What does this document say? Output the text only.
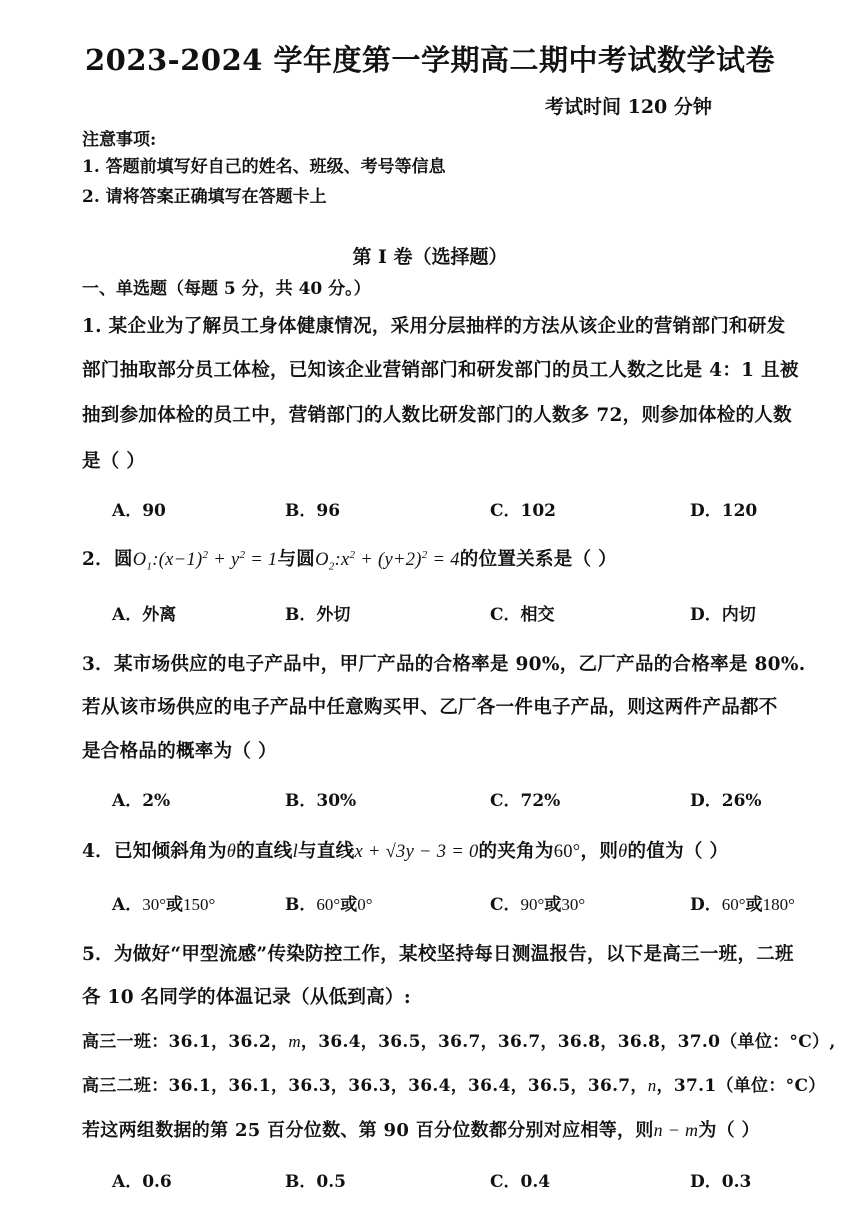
2023-2024 学年度第一学期高二期中考试数学试卷
考试时间 120 分钟
注意事项:
1. 答题前填写好自己的姓名、班级、考号等信息
2. 请将答案正确填写在答题卡上
第 I 卷（选择题）
一、单选题（每题 5 分，共 40 分。）
1. 某企业为了解员工身体健康情况，采用分层抽样的方法从该企业的营销部门和研发
部门抽取部分员工体检，已知该企业营销部门和研发部门的员工人数之比是 4：1 且被
抽到参加体检的员工中，营销部门的人数比研发部门的人数多 72，则参加体检的人数
是（ ）
A．90	B．96	C．102	D．120
2．圆$O_1:(x-1)^2 + y^2 = 1$与圆$O_2:x^2 + (y+2)^2 = 4$的位置关系是（ ）
A．外离	B．外切	C．相交	D．内切
3．某市场供应的电子产品中，甲厂产品的合格率是 90%，乙厂产品的合格率是 80%.
若从该市场供应的电子产品中任意购买甲、乙厂各一件电子产品，则这两件产品都不
是合格品的概率为（ ）
A．2%	B．30%	C．72%	D．26%
4．已知倾斜角为θ的直线l与直线x + √3y − 3 = 0的夹角为60°，则θ的值为（ ）
A．30°或150°	B．60°或0°	C．90°或30°	D．60°或180°
5．为做好“甲型流感”传染防控工作，某校坚持每日测温报告，以下是高三一班，二班
各 10 名同学的体温记录（从低到高）:
高三一班：36.1，36.2，m，36.4，36.5，36.7，36.7，36.8，36.8，37.0（单位：°C）,
高三二班：36.1，36.1，36.3，36.3，36.4，36.4，36.5，36.7，n，37.1（单位：°C）
若这两组数据的第 25 百分位数、第 90 百分位数都分别对应相等，则n − m为（ ）
A．0.6	B．0.5	C．0.4	D．0.3
